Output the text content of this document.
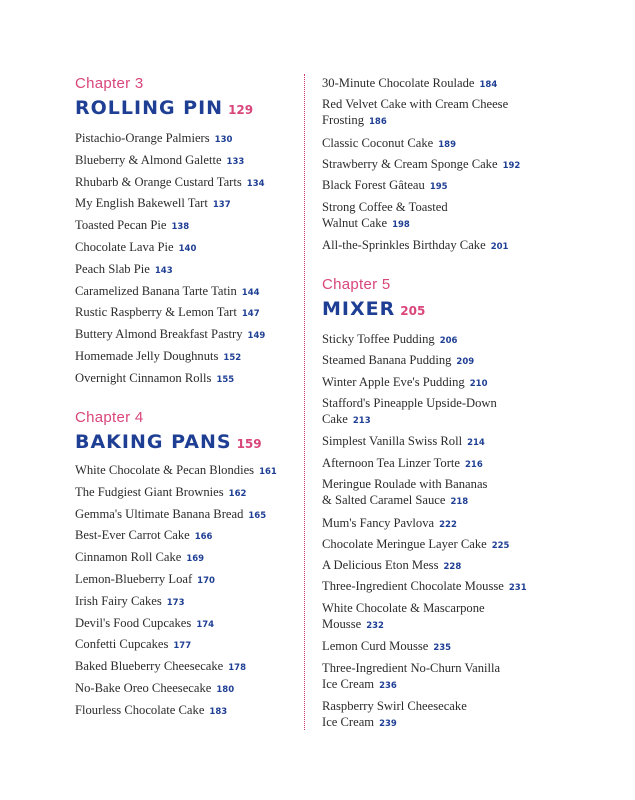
Chapter 3
ROLLING PIN 129
Pistachio-Orange Palmiers 130
Blueberry & Almond Galette 133
Rhubarb & Orange Custard Tarts 134
My English Bakewell Tart 137
Toasted Pecan Pie 138
Chocolate Lava Pie 140
Peach Slab Pie 143
Caramelized Banana Tarte Tatin 144
Rustic Raspberry & Lemon Tart 147
Buttery Almond Breakfast Pastry 149
Homemade Jelly Doughnuts 152
Overnight Cinnamon Rolls 155
Chapter 4
BAKING PANS 159
White Chocolate & Pecan Blondies 161
The Fudgiest Giant Brownies 162
Gemma's Ultimate Banana Bread 165
Best-Ever Carrot Cake 166
Cinnamon Roll Cake 169
Lemon-Blueberry Loaf 170
Irish Fairy Cakes 173
Devil's Food Cupcakes 174
Confetti Cupcakes 177
Baked Blueberry Cheesecake 178
No-Bake Oreo Cheesecake 180
Flourless Chocolate Cake 183
30-Minute Chocolate Roulade 184
Red Velvet Cake with Cream Cheese
Frosting 186
Classic Coconut Cake 189
Strawberry & Cream Sponge Cake 192
Black Forest Gâteau 195
Strong Coffee & Toasted
Walnut Cake 198
All-the-Sprinkles Birthday Cake 201
Chapter 5
MIXER 205
Sticky Toffee Pudding 206
Steamed Banana Pudding 209
Winter Apple Eve's Pudding 210
Stafford's Pineapple Upside-Down
Cake 213
Simplest Vanilla Swiss Roll 214
Afternoon Tea Linzer Torte 216
Meringue Roulade with Bananas
& Salted Caramel Sauce 218
Mum's Fancy Pavlova 222
Chocolate Meringue Layer Cake 225
A Delicious Eton Mess 228
Three-Ingredient Chocolate Mousse 231
White Chocolate & Mascarpone
Mousse 232
Lemon Curd Mousse 235
Three-Ingredient No-Churn Vanilla
Ice Cream 236
Raspberry Swirl Cheesecake
Ice Cream 239
